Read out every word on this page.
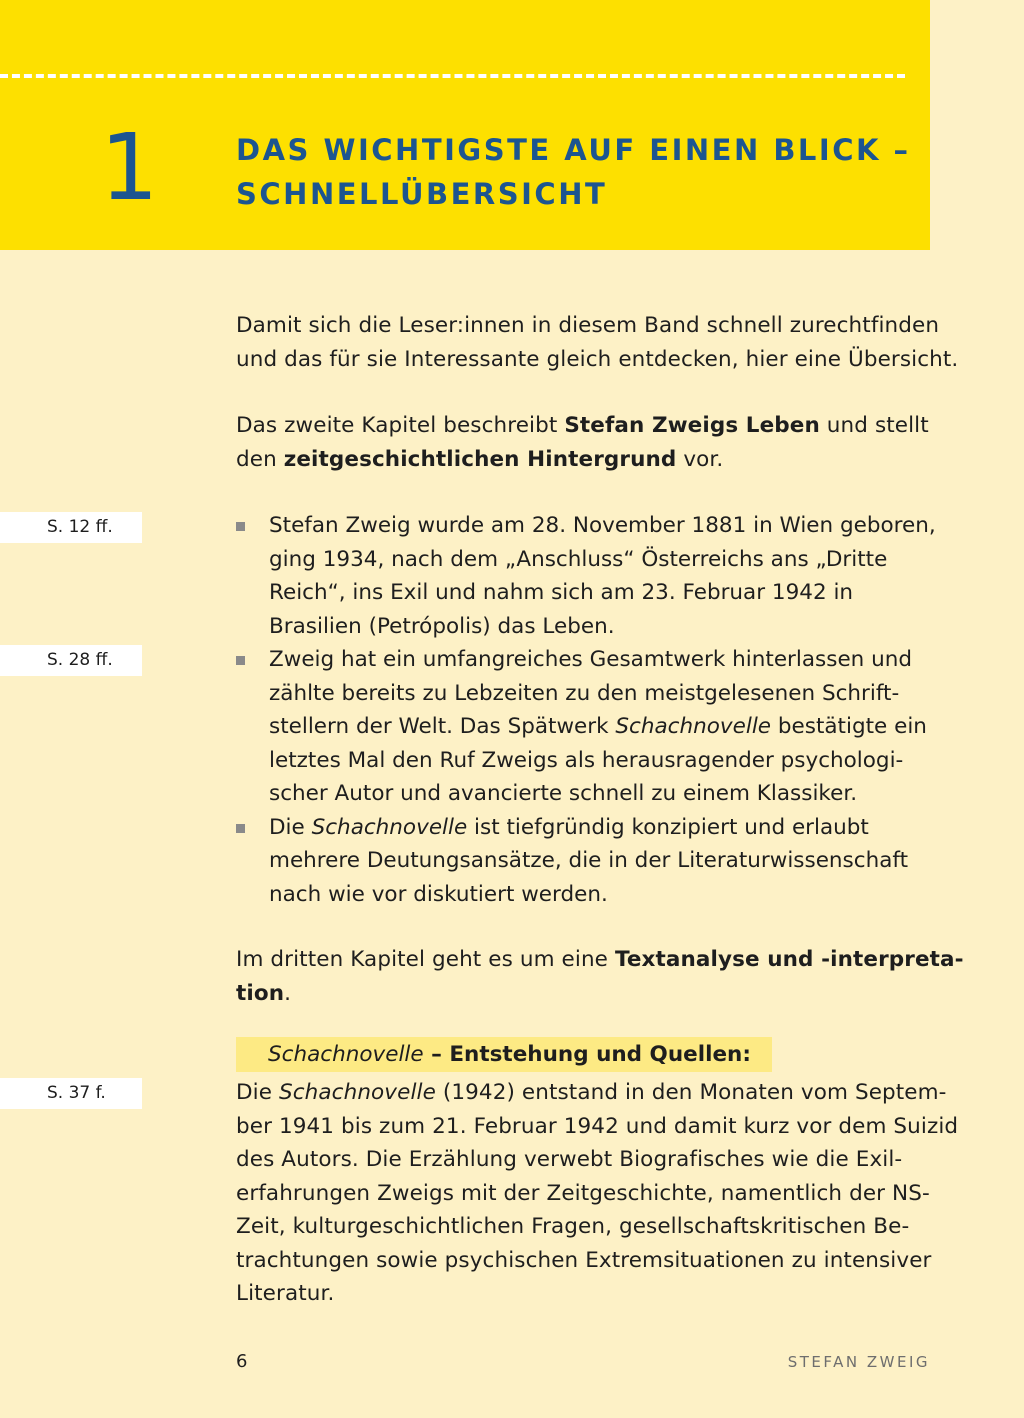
1	DAS WICHTIGSTE AUF EINEN BLICK –
SCHNELLÜBERSICHT

Damit sich die Leser:innen in diesem Band schnell zurechtfinden
und das für sie Interessante gleich entdecken, hier eine Übersicht.

Das zweite Kapitel beschreibt Stefan Zweigs Leben und stellt
den zeitgeschichtlichen Hintergrund vor.

S. 12 ff.
S. 28 ff.
S. 37 f.
Stefan Zweig wurde am 28. November 1881 in Wien geboren,
ging 1934, nach dem „Anschluss“ Österreichs ans „Dritte
Reich“, ins Exil und nahm sich am 23. Februar 1942 in
Brasilien (Petrópolis) das Leben.
Zweig hat ein umfangreiches Gesamtwerk hinterlassen und
zählte bereits zu Lebzeiten zu den meistgelesenen Schrift-
stellern der Welt. Das Spätwerk Schachnovelle bestätigte ein
letztes Mal den Ruf Zweigs als herausragender psychologi-
scher Autor und avancierte schnell zu einem Klassiker.
Die Schachnovelle ist tiefgründig konzipiert und erlaubt
mehrere Deutungsansätze, die in der Literaturwissenschaft
nach wie vor diskutiert werden.

Im dritten Kapitel geht es um eine Textanalyse und -interpreta-
tion.

Schachnovelle – Entstehung und Quellen:

Die Schachnovelle (1942) entstand in den Monaten vom Septem-
ber 1941 bis zum 21. Februar 1942 und damit kurz vor dem Suizid
des Autors. Die Erzählung verwebt Biografisches wie die Exil-
erfahrungen Zweigs mit der Zeitgeschichte, namentlich der NS-
Zeit, kulturgeschichtlichen Fragen, gesellschaftskritischen Be-
trachtungen sowie psychischen Extremsituationen zu intensiver
Literatur.

6	STEFAN ZWEIG
